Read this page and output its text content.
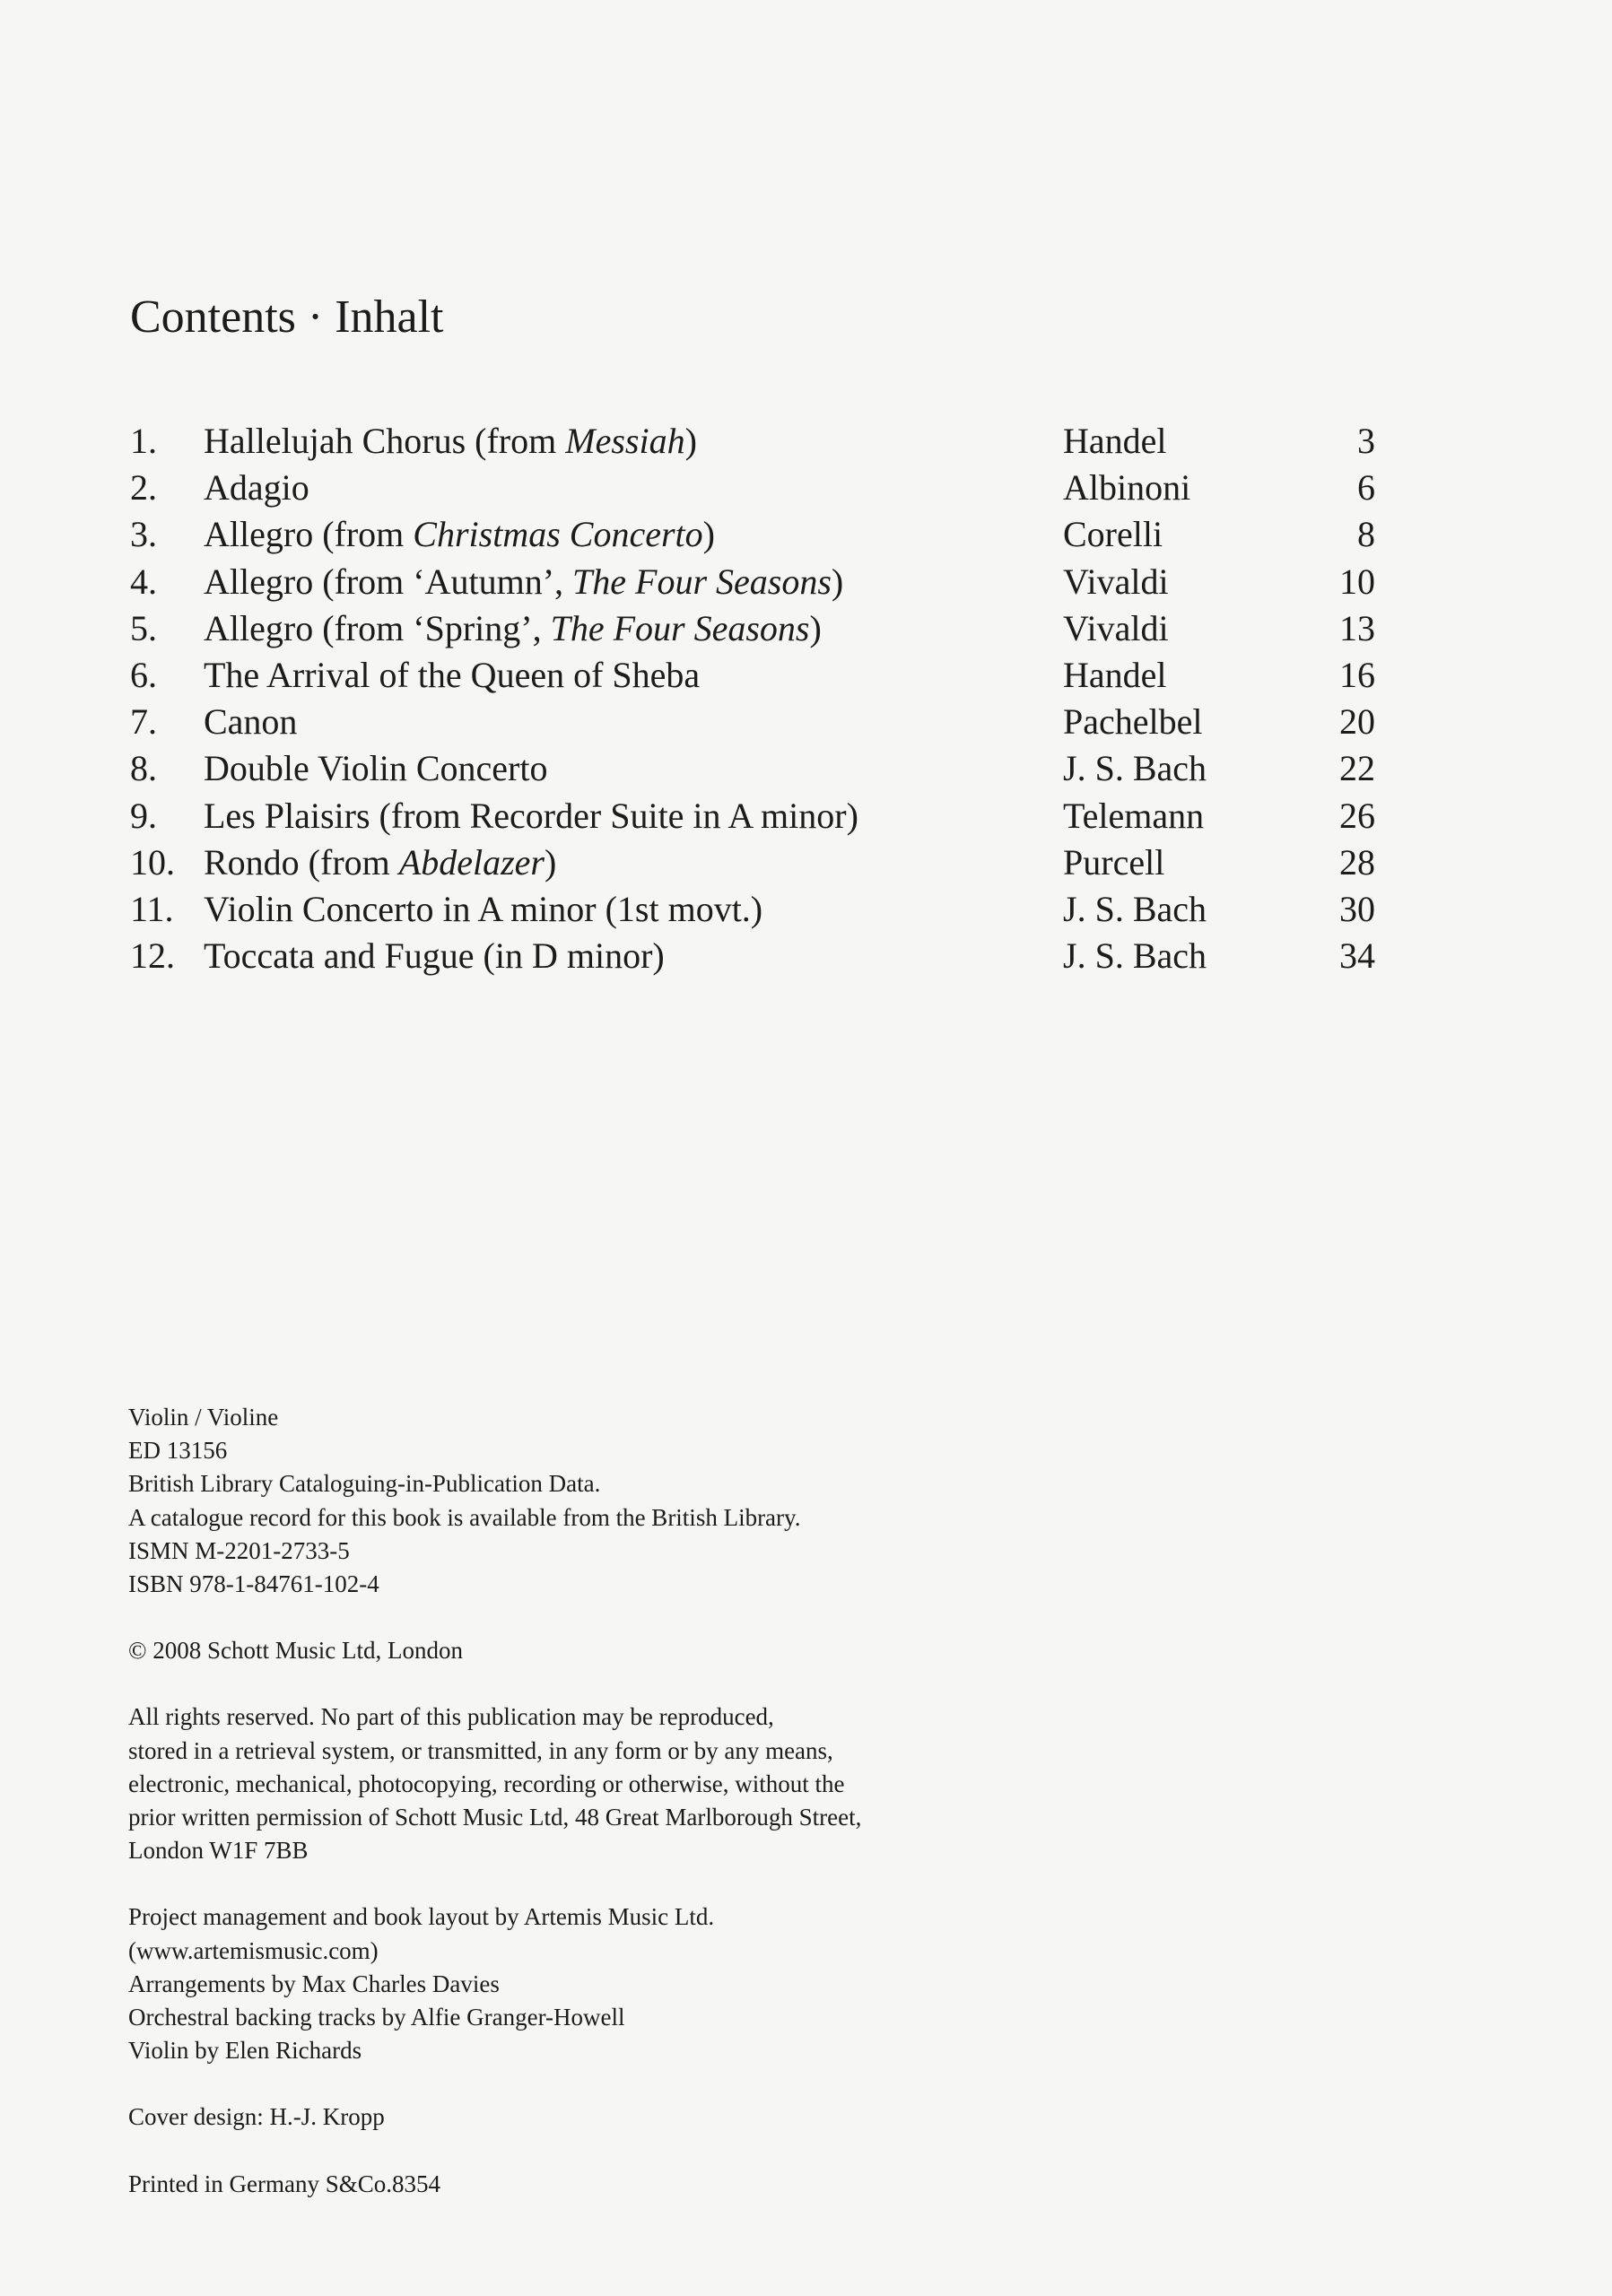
Contents · Inhalt
1. Hallelujah Chorus (from Messiah)	Handel	3
2. Adagio	Albinoni	6
3. Allegro (from Christmas Concerto)	Corelli	8
4. Allegro (from ‘Autumn’, The Four Seasons)	Vivaldi	10
5. Allegro (from ‘Spring’, The Four Seasons)	Vivaldi	13
6. The Arrival of the Queen of Sheba	Handel	16
7. Canon	Pachelbel	20
8. Double Violin Concerto	J. S. Bach	22
9. Les Plaisirs (from Recorder Suite in A minor)	Telemann	26
10. Rondo (from Abdelazer)	Purcell	28
11. Violin Concerto in A minor (1st movt.)	J. S. Bach	30
12. Toccata and Fugue (in D minor)	J. S. Bach	34
Violin / Violine
ED 13156
British Library Cataloguing-in-Publication Data.
A catalogue record for this book is available from the British Library.
ISMN M-2201-2733-5
ISBN 978-1-84761-102-4
© 2008 Schott Music Ltd, London
All rights reserved. No part of this publication may be reproduced,
stored in a retrieval system, or transmitted, in any form or by any means,
electronic, mechanical, photocopying, recording or otherwise, without the
prior written permission of Schott Music Ltd, 48 Great Marlborough Street,
London W1F 7BB
Project management and book layout by Artemis Music Ltd.
(www.artemismusic.com)
Arrangements by Max Charles Davies
Orchestral backing tracks by Alfie Granger-Howell
Violin by Elen Richards
Cover design: H.-J. Kropp
Printed in Germany S&Co.8354
